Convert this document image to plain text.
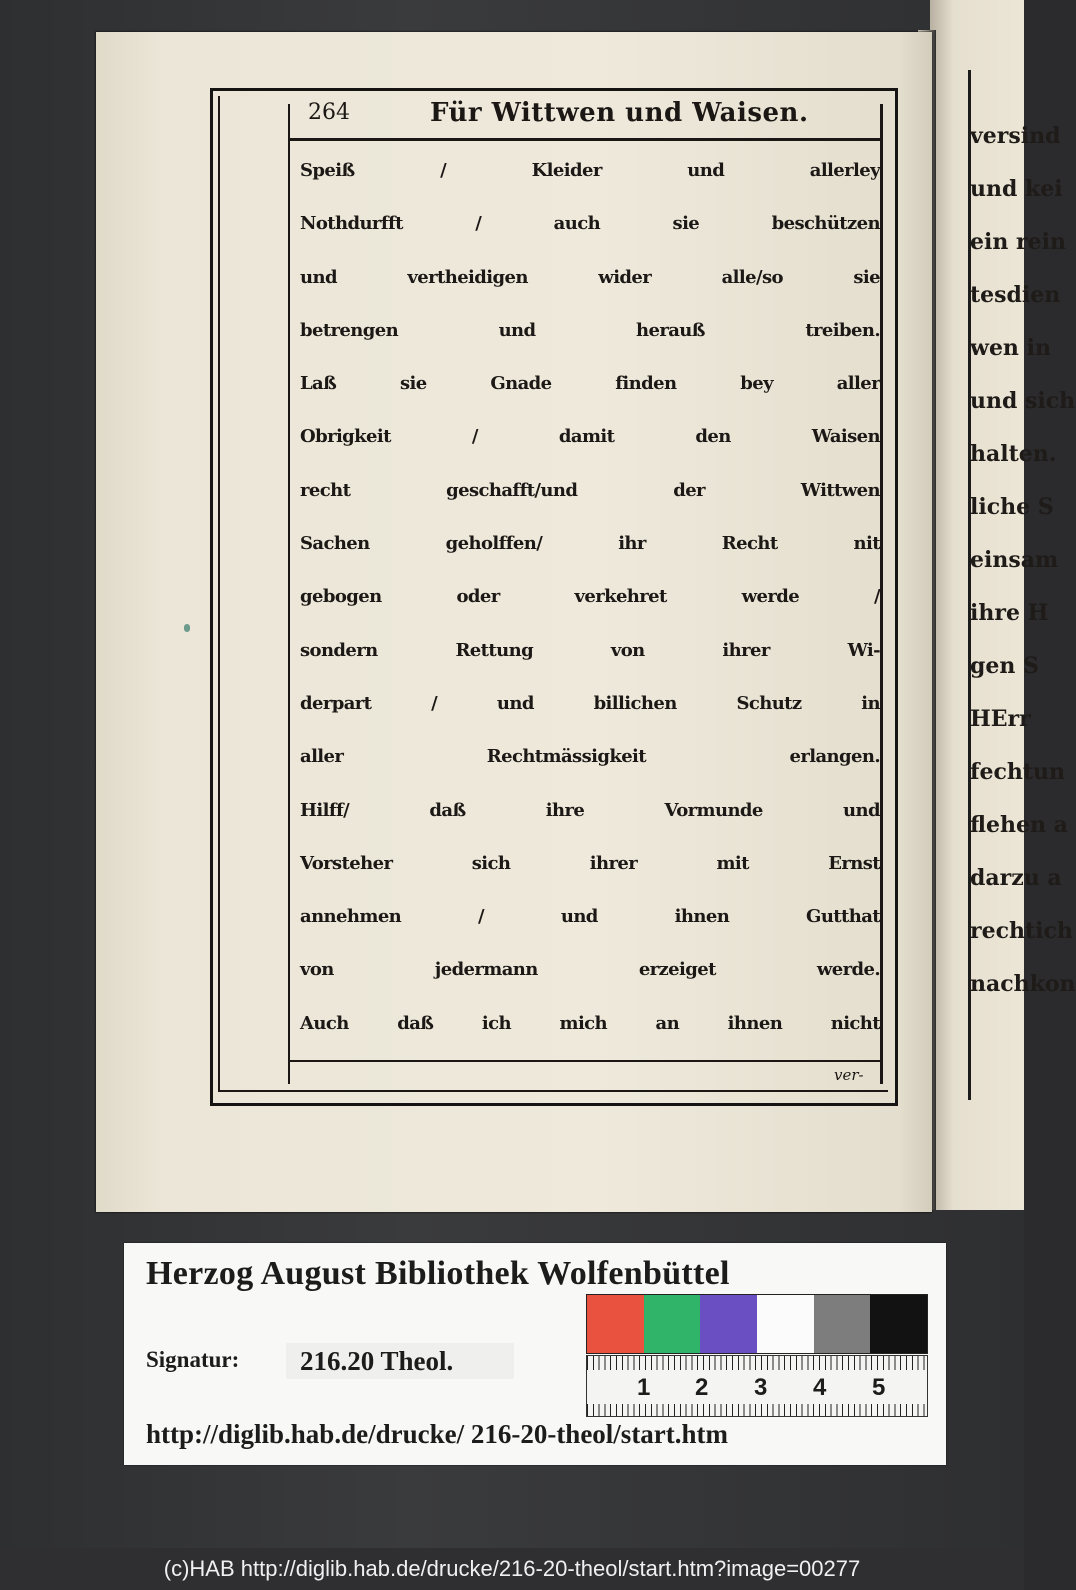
versind
und kei
ein rein
tesdien
wen in
und sich
halten.
liche S
einsam
ihre H
gen S
HErr
fechtun
flehen a
darzu a
rechtich
nachkon
264	Für Wittwen und Waisen.
Speiß / Kleider und allerley
Nothdurfft / auch sie beschützen
und vertheidigen wider alle/so sie
betrengen und herauß treiben.
Laß sie Gnade finden bey aller
Obrigkeit / damit den Waisen
recht geschafft/und der Wittwen
Sachen geholffen/ ihr Recht nit
gebogen oder verkehret werde /
sondern Rettung von ihrer Wi-
derpart / und billichen Schutz in
aller Rechtmässigkeit erlangen.
Hilff/ daß ihre Vormunde und
Vorsteher sich ihrer mit Ernst
annehmen / und ihnen Gutthat
von jedermann erzeiget werde.
Auch daß ich mich an ihnen nicht
ver-
Herzog August Bibliothek Wolfenbüttel
Signatur:	216.20 Theol.
1 2 3 4 5
http://diglib.hab.de/drucke/ 216-20-theol/start.htm
(c)HAB http://diglib.hab.de/drucke/216-20-theol/start.htm?image=00277
